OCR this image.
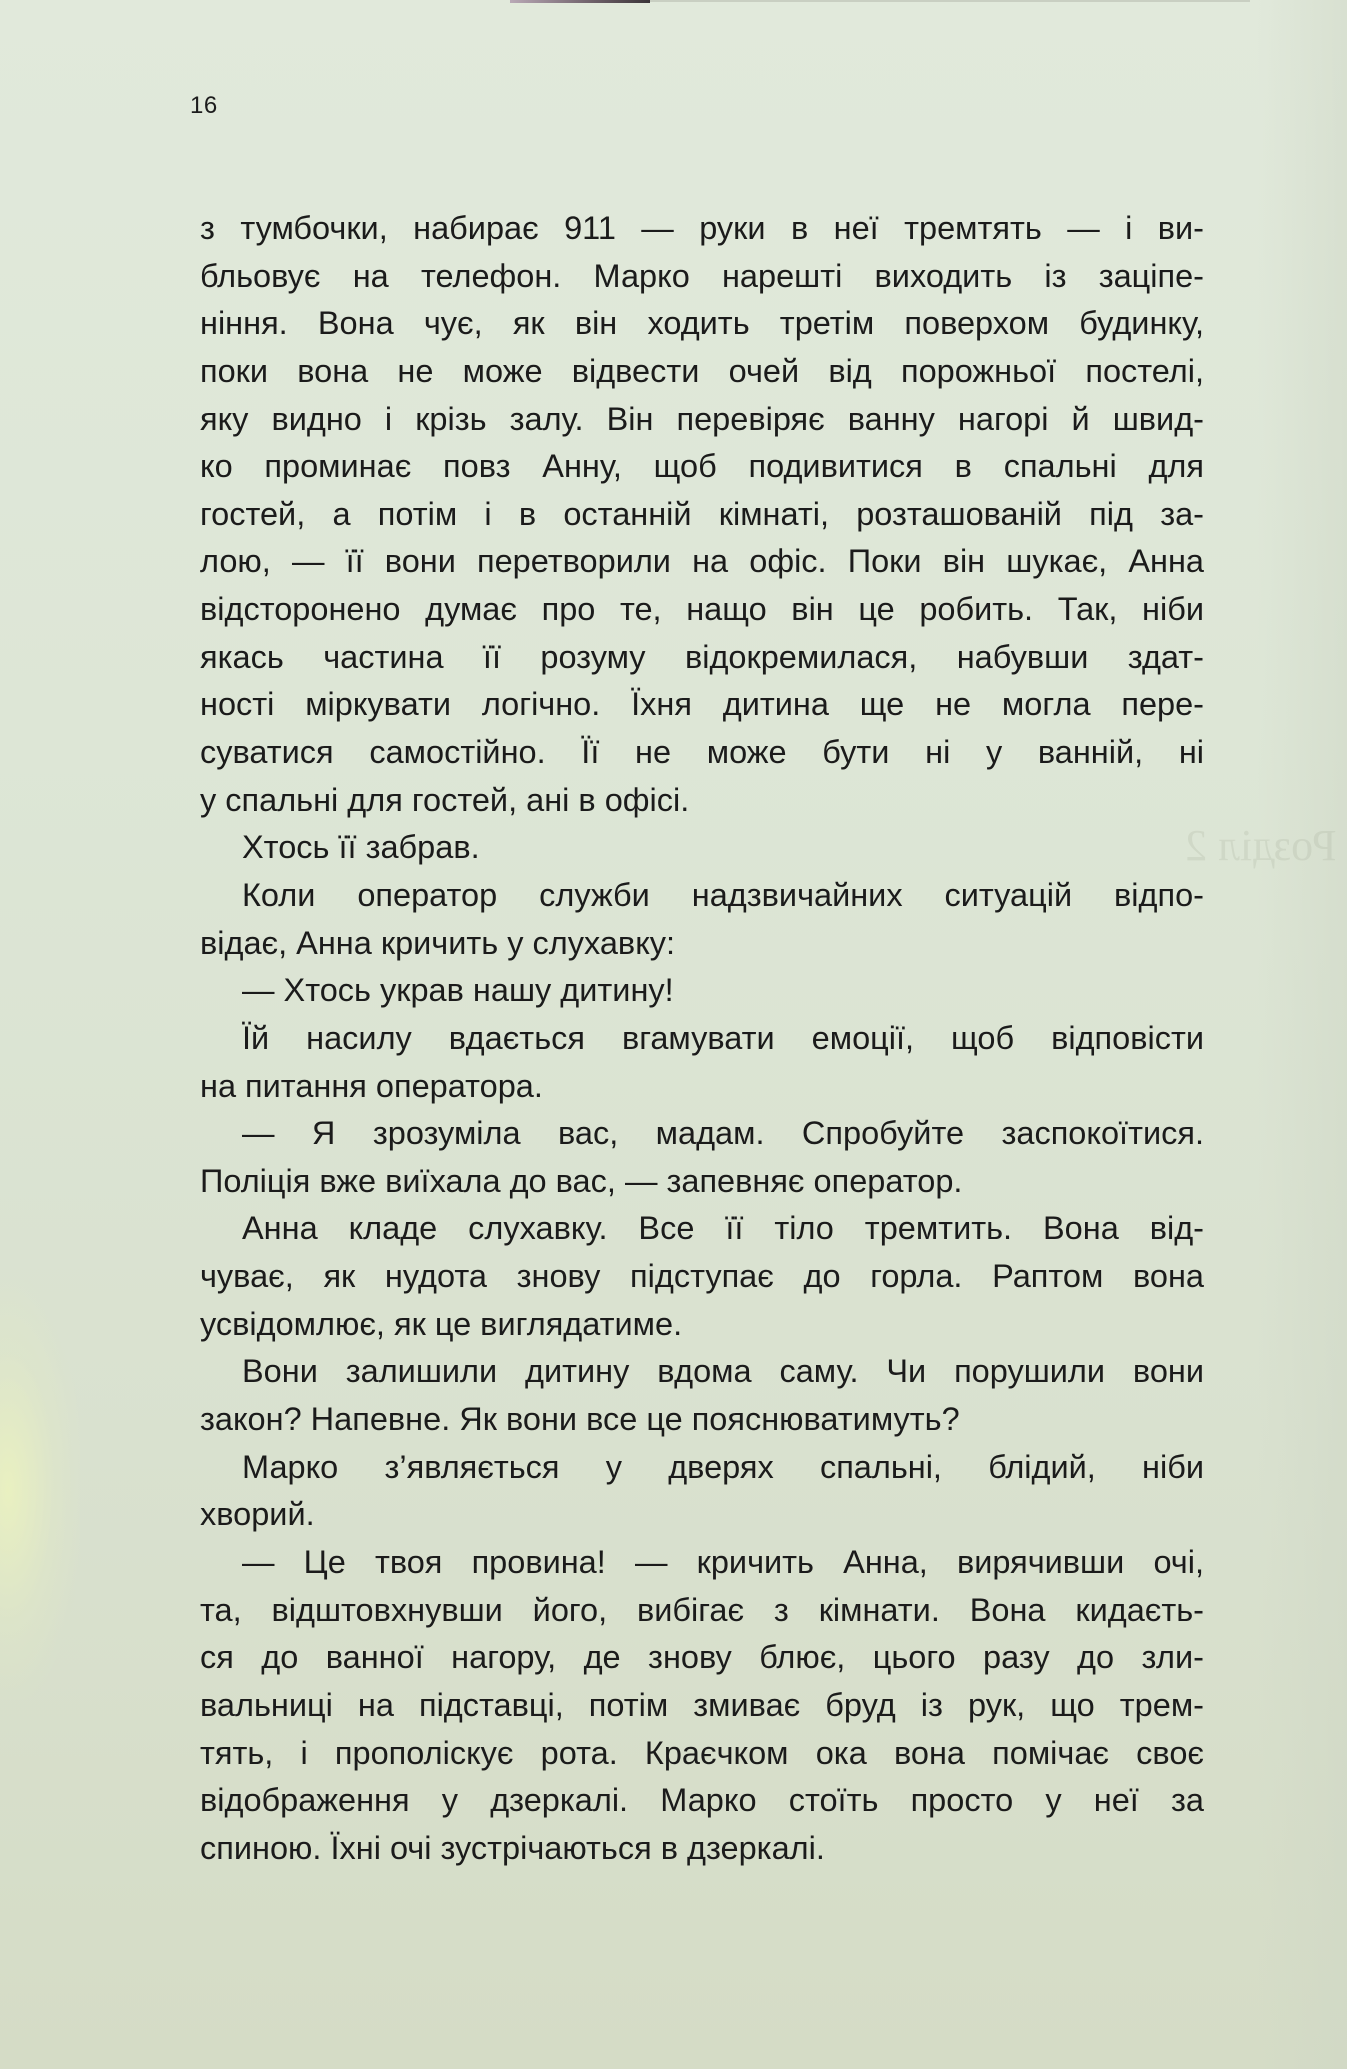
2
16
з тумбочки, набирає 911 — руки в неї тремтять — і ви-
бльовує на телефон. Марко нарешті виходить із заціпе-
ніння. Вона чує, як він ходить третім поверхом будинку,
поки вона не може відвести очей від порожньої постелі,
яку видно і крізь залу. Він перевіряє ванну нагорі й швид-
ко проминає повз Анну, щоб подивитися в спальні для
гостей, а потім і в останній кімнаті, розташованій під за-
лою, — її вони перетворили на офіс. Поки він шукає, Анна
відсторонено думає про те, нащо він це робить. Так, ніби
якась частина її розуму відокремилася, набувши здат-
ності міркувати логічно. Їхня дитина ще не могла пере-
суватися самостійно. Її не може бути ні у ванній, ні
у спальні для гостей, ані в офісі.
Хтось її забрав.
Коли оператор служби надзвичайних ситуацій відпо-
відає, Анна кричить у слухавку:
— Хтось украв нашу дитину!
Їй насилу вдається вгамувати емоції, щоб відповісти
на питання оператора.
— Я зрозуміла вас, мадам. Спробуйте заспокоїтися.
Поліція вже виїхала до вас, — запевняє оператор.
Анна кладе слухавку. Все її тіло тремтить. Вона від-
чуває, як нудота знову підступає до горла. Раптом вона
усвідомлює, як це виглядатиме.
Вони залишили дитину вдома саму. Чи порушили вони
закон? Напевне. Як вони все це пояснюватимуть?
Марко з’являється у дверях спальні, блідий, ніби
хворий.
— Це твоя провина! — кричить Анна, вирячивши очі,
та, відштовхнувши його, вибігає з кімнати. Вона кидаєть-
ся до ванної нагору, де знову блює, цього разу до зли-
вальниці на підставці, потім змиває бруд із рук, що трем-
тять, і прополіскує рота. Краєчком ока вона помічає своє
відображення у дзеркалі. Марко стоїть просто у неї за
спиною. Їхні очі зустрічаються в дзеркалі.
